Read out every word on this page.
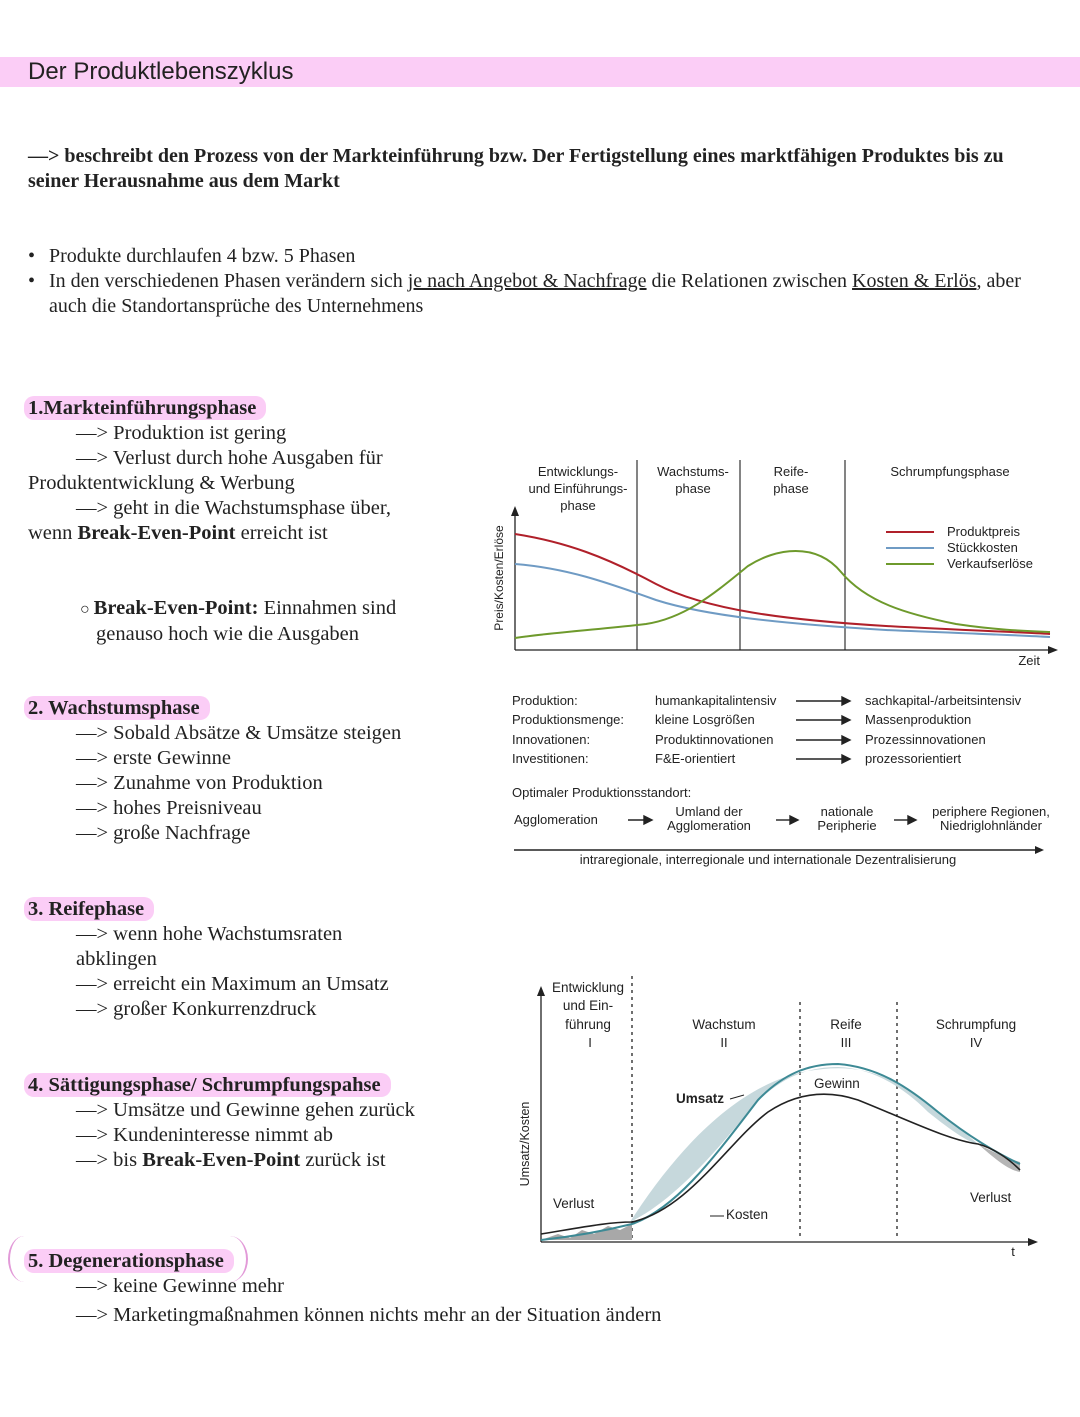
Der Produktlebenszyklus
—> beschreibt den Prozess von der Markteinführung bzw. Der Fertigstellung eines marktfähigen Produktes bis zu seiner Herausnahme aus dem Markt
• Produkte durchlaufen 4 bzw. 5 Phasen
• In den verschiedenen Phasen verändern sich je nach Angebot & Nachfrage die Relationen zwischen Kosten & Erlös, aber auch die Standortansprüche des Unternehmens
1.Markteinführungsphase
—> Produktion ist gering
—> Verlust durch hohe Ausgaben für
Produktentwicklung & Werbung
—> geht in die Wachstumsphase über,
wenn Break-Even-Point erreicht ist
○ Break-Even-Point: Einnahmen sind
genauso hoch wie die Ausgaben
2. Wachstumsphase
—> Sobald Absätze & Umsätze steigen
—> erste Gewinne
—> Zunahme von Produktion
—> hohes Preisniveau
—> große Nachfrage
3. Reifephase
—> wenn hohe Wachstumsraten
abklingen
—> erreicht ein Maximum an Umsatz
—> großer Konkurrenzdruck
4. Sättigungsphase/ Schrumpfungspahse
—> Umsätze und Gewinne gehen zurück
—> Kundeninteresse nimmt ab
—> bis Break-Even-Point zurück ist
5. Degenerationsphase
—> keine Gewinne mehr
—> Marketingmaßnahmen können nichts mehr an der Situation ändern
Entwicklungs-
und Einführungs-
phase
Wachstums-
phase
Reife-
phase
Schrumpfungsphase
Preis/Kosten/Erlöse
Zeit
Produktpreis
Stückkosten
Verkaufserlöse
Produktion:
Produktionsmenge:
Innovationen:
Investitionen:
humankapitalintensiv
kleine Losgrößen
Produktinnovationen
F&E-orientiert
sachkapital-/arbeitsintensiv
Massenproduktion
Prozessinnovationen
prozessorientiert
Optimaler Produktionsstandort:
Agglomeration
Umland der
Agglomeration
nationale
Peripherie
periphere Regionen,
Niedriglohnländer
intraregionale, interregionale und internationale Dezentralisierung
Entwicklung
und Ein-
führung
I
Wachstum
II
Reife
III
Schrumpfung
IV
Umsatz/Kosten
t
Umsatz
Gewinn
Kosten
Verlust	Verlust
